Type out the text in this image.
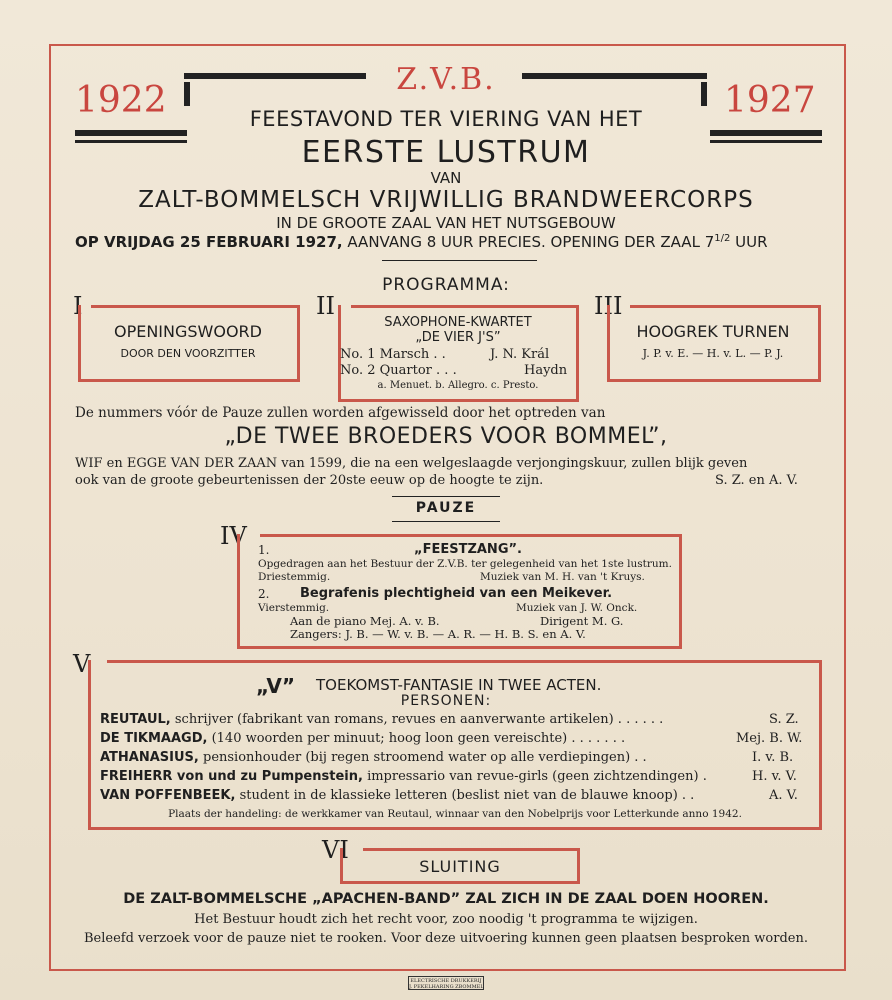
1922	1927
Z.V.B.
FEESTAVOND TER VIERING VAN HET
EERSTE LUSTRUM
VAN
ZALT-BOMMELSCH VRIJWILLIG BRANDWEERCORPS
IN DE GROOTE ZAAL VAN HET NUTSGEBOUW
OP VRIJDAG 25 FEBRUARI 1927, AANVANG 8 UUR PRECIES. OPENING DER ZAAL $7^{1/2}$ UUR
PROGRAMMA:
I
OPENINGSWOORD
DOOR DEN VOORZITTER
II
SAXOPHONE-KWARTET
„DE VIER J'S”
No. 1 Marsch . .	J. N. Král
No. 2 Quartor . . .	Haydn
a. Menuet. b. Allegro. c. Presto.
III
HOOGREK TURNEN
J. P. v. E. — H. v. L. — P. J.
De nummers vóór de Pauze zullen worden afgewisseld door het optreden van
„DE TWEE BROEDERS VOOR BOMMEL”,
WIF en EGGE VAN DER ZAAN van 1599, die na een welgeslaagde verjongingskuur, zullen blijk geven
ook van de groote gebeurtenissen der 20ste eeuw op de hoogte te zijn.	S. Z. en A. V.
PAUZE
IV 1.	„FEESTZANG”.
Opgedragen aan het Bestuur der Z.V.B. ter gelegenheid van het 1ste lustrum.
Driestemmig.	Muziek van M. H. van 't Kruys.
2. Begrafenis plechtigheid van een Meikever.
Vierstemmig.	Muziek van J. W. Onck.
Aan de piano Mej. A. v. B.	Dirigent M. G.
Zangers: J. B. — W. v. B. — A. R. — H. B. S. en A. V.
V
„V” TOEKOMST-FANTASIE IN TWEE ACTEN.
PERSONEN:
REUTAUL, schrijver (fabrikant van romans, revues en aanverwante artikelen) . . . . . .	S. Z.
DE TIKMAAGD, (140 woorden per minuut; hoog loon geen vereischte) . . . . . . .	Mej. B. W.
ATHANASIUS, pensionhouder (bij regen stroomend water op alle verdiepingen) . .	I. v. B.
FREIHERR von und zu Pumpenstein, impressario van revue-girls (geen zichtzendingen) .	H. v. V.
VAN POFFENBEEK, student in de klassieke letteren (beslist niet van de blauwe knoop) . .	A. V.
Plaats der handeling: de werkkamer van Reutaul, winnaar van den Nobelprijs voor Letterkunde anno 1942.
VI
SLUITING
DE ZALT-BOMMELSCHE „APACHEN-BAND” ZAL ZICH IN DE ZAAL DOEN HOOREN.
Het Bestuur houdt zich het recht voor, zoo noodig 't programma te wijzigen.
Beleefd verzoek voor de pauze niet te rooken. Voor deze uitvoering kunnen geen plaatsen besproken worden.
ELECTRISCHE DRUKKERIJ
J. PEKELHARING ZBOMMEL
